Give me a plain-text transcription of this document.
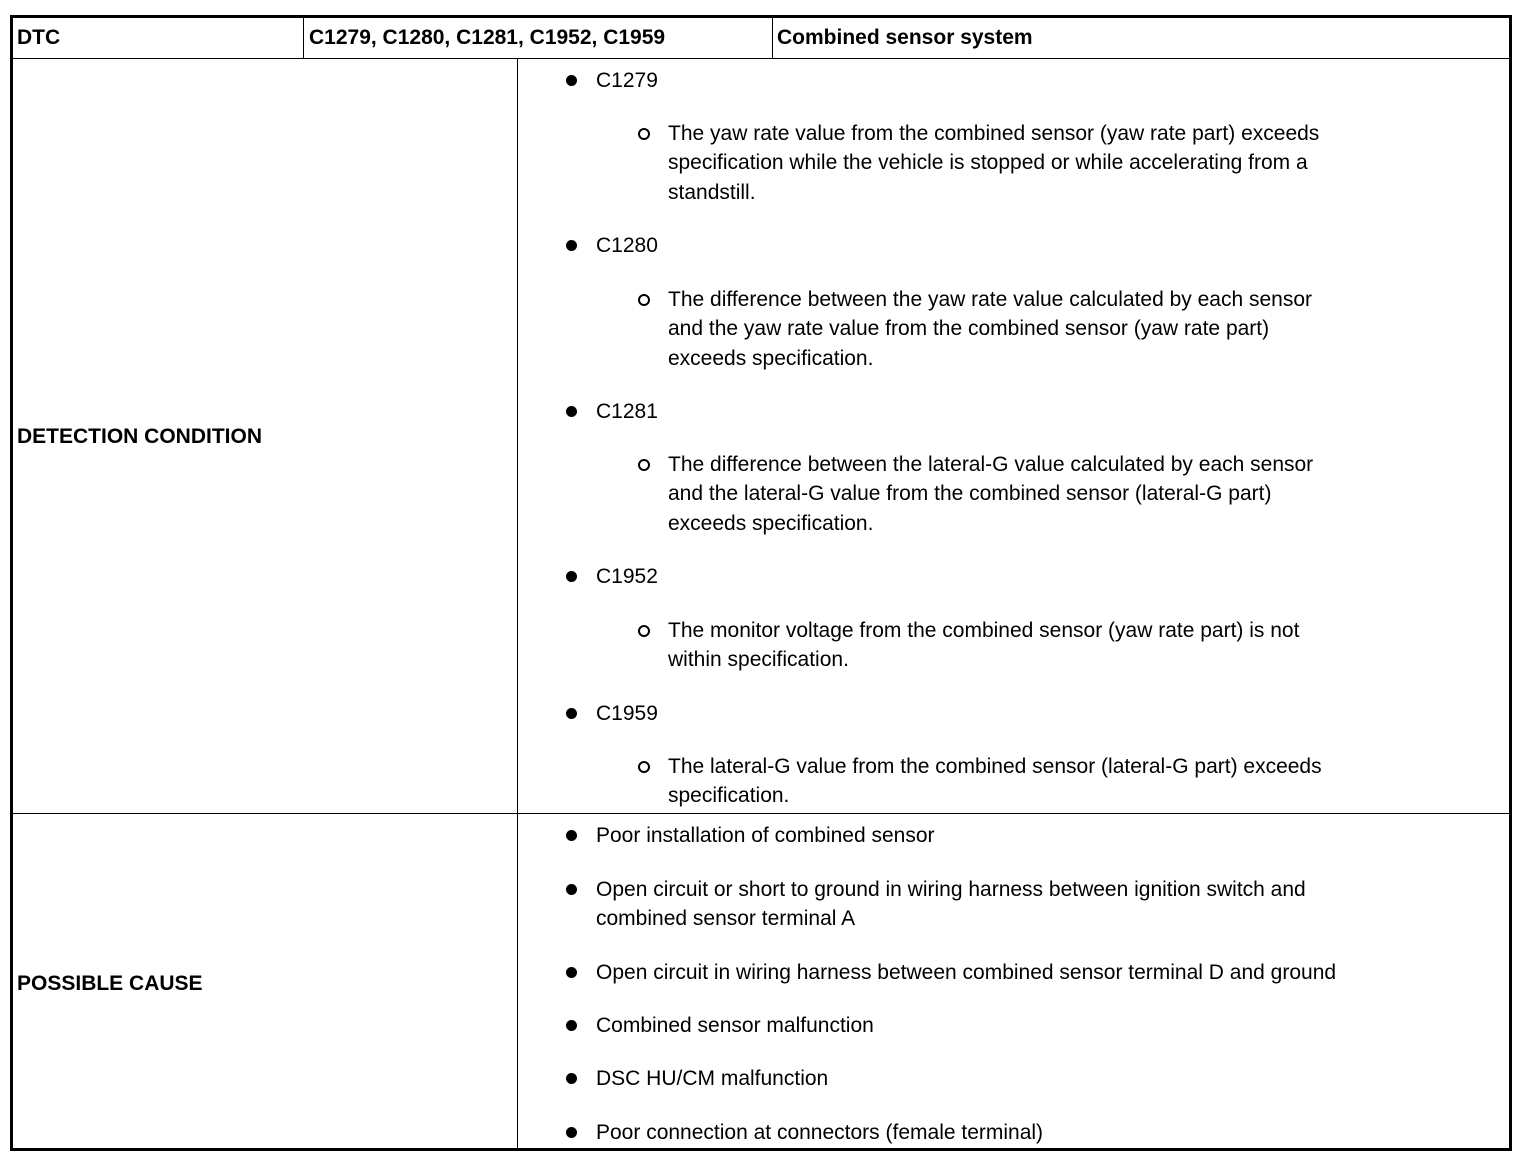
DTC	C1279, C1280, C1281, C1952, C1959	Combined sensor system
DETECTION CONDITION
POSSIBLE CAUSE
C1279
The yaw rate value from the combined sensor (yaw rate part) exceeds
specification while the vehicle is stopped or while accelerating from a
standstill.
C1280
The difference between the yaw rate value calculated by each sensor
and the yaw rate value from the combined sensor (yaw rate part)
exceeds specification.
C1281
The difference between the lateral-G value calculated by each sensor
and the lateral-G value from the combined sensor (lateral-G part)
exceeds specification.
C1952
The monitor voltage from the combined sensor (yaw rate part) is not
within specification.
C1959
The lateral-G value from the combined sensor (lateral-G part) exceeds
specification.
Poor installation of combined sensor
Open circuit or short to ground in wiring harness between ignition switch and
combined sensor terminal A
Open circuit in wiring harness between combined sensor terminal D and ground
Combined sensor malfunction
DSC HU/CM malfunction
Poor connection at connectors (female terminal)
